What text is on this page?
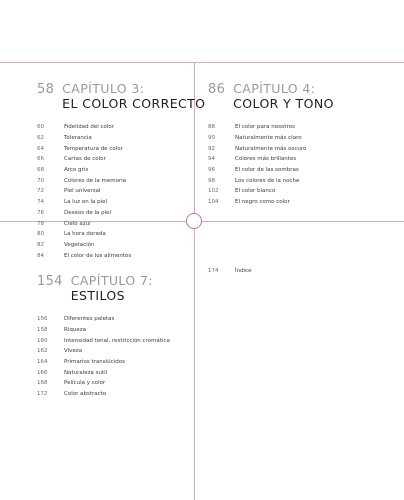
58 CAPÍTULO 3:
EL COLOR CORRECTO
60	Fidelidad del color
62	Tolerancia
64	Temperatura de color
66	Cartas de color
68	Arco gris
70	Colores de la memoria
72	Piel universal
74	La luz en la piel
76	Deseos de la piel
78	Cielo azul
80	La hora dorada
82	Vegetación
84	El color de los alimentos
86 CAPÍTULO 4:
COLOR Y TONO
88	El color para nosotros
90	Naturalmente más claro
92	Naturalmente más oscuro
94	Colores más brillantes
96	El color de las sombras
98	Los colores de la noche
102	El color blanco
104	El negro como color
154 CAPÍTULO 7:
ESTILOS
156	Diferentes paletas
158	Riqueza
160	Intensidad tonal, restricción cromática
162	Viveza
164	Primarios translúcidos
166	Naturaleza sutil
168	Película y color
172	Color abstracto
174	Índice
